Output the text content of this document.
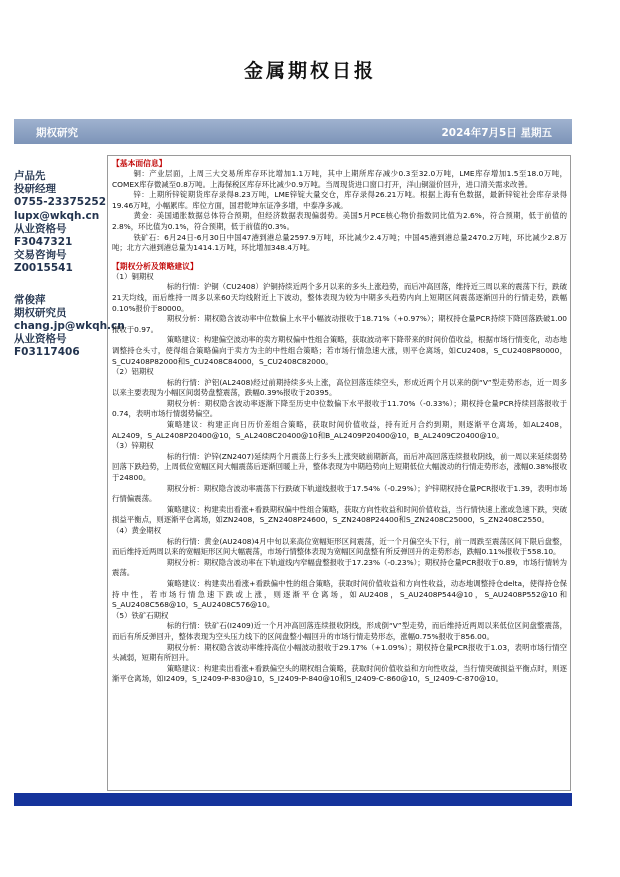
金属期权日报
期权研究	2024年7月5日 星期五
卢品先
投研经理
0755-23375252
lupx@wkqh.cn
从业资格号
F3047321
交易咨询号
Z0015541
常俊萍
期权研究员
chang.jp@wkqh.cn
从业资格号
F03117406
【基本面信息】
铜：产业层面，上周三大交易所库存环比增加1.1万吨，其中上期所库存减少0.3至32.0万吨，LME库存增加1.5至18.0万吨，COMEX库存微减至0.8万吨。上海保税区库存环比减少0.9万吨。当周现货进口窗口打开，洋山铜溢价回升，进口清关需求改善。
锌：上期所锌锭期货库存录得8.23万吨，LME锌锭大量交仓，库存录得26.21万吨。根据上海有色数据，最新锌锭社会库存录得19.46万吨，小幅累库。库位方面，国君乾坤东证净多增，中泰净多减。
黄金：美国通胀数据总体符合预期，但经济数据表现偏弱势。美国5月PCE核心物价指数同比值为2.6%，符合预期，低于前值的2.8%，环比值为0.1%，符合预期，低于前值的0.3%。
铁矿石：6月24日-6月30日中国47港到港总量2597.9万吨，环比减少2.4万吨；中国45港到港总量2470.2万吨，环比减少2.8万吨；北方六港到港总量为1414.1万吨，环比增加348.4万吨。
【期权分析及策略建议】
（1）铜期权
标的行情：沪铜（CU2408）沪铜持续近两个多月以来的多头上涨趋势，而后冲高回落，维持近三周以来的震荡下行，跌破21天均线，而后维持一周多以来60天均线附近上下波动，整体表现为较为中期多头趋势内向上短期区间震荡逐渐回升的行情走势，跌幅0.10%报价于80000。
期权分析：期权隐含波动率中位数偏上水平小幅波动报收于18.71%（+0.97%）；期权持仓量PCR持续下降回落跌破1.00报收于0.97。
策略建议：构建偏空波动率的卖方期权偏中性组合策略，获取波动率下降带来的时间价值收益，根据市场行情变化，动态地调整持仓头寸，使得组合策略偏向于卖方为主的中性组合策略；若市场行情急速大涨，则平仓离场，如CU2408，S_CU2408P80000，S_CU2408P82000和S_CU2408C84000，S_CU2408C82000。
（2）铝期权
标的行情：沪铝(AL2408)经过前期持续多头上涨，高位回落连续空头，形成近两个月以来的倒“V”型走势形态，近一周多以来主要表现为小幅区间弱势盘整震荡，跌幅0.39%报收于20395。
期权分析：期权隐含波动率逐渐下降至历史中位数偏下水平报收于11.70%（-0.33%）；期权持仓量PCR持续回落报收于0.74，表明市场行情弱势偏空。
策略建议：构建正向日历价差组合策略，获取时间价值收益，持有近月合约到期，则逐渐平仓离场，如AL2408，AL2409，S_AL2408P20400@10，S_AL2408C20400@10和B_AL2409P20400@10，B_AL2409C20400@10。
（3）锌期权
标的行情：沪锌(ZN2407)延续两个月震荡上行多头上涨突破前期新高，而后冲高回落连续报收阴线，前一周以来延续弱势回落下跌趋势，上周低位宽幅区间大幅震荡后逐渐回暖上升，整体表现为中期趋势向上短期低位大幅波动的行情走势形态，涨幅0.38%报收于24800。
期权分析：期权隐含波动率震荡下行跌破下轨道线报收于17.54%（-0.29%）；沪锌期权持仓量PCR报收于1.39，表明市场行情偏震荡。
策略建议：构建卖出看涨+看跌期权偏中性组合策略，获取方向性收益和时间价值收益，当行情快速上涨或急速下跌，突破损益平衡点，则逐渐平仓离场，如ZN2408，S_ZN2408P24600，S_ZN2408P24400和S_ZN2408C25000，S_ZN2408C2550。
（4）黄金期权
标的行情：黄金(AU2408)4月中旬以来高位宽幅矩形区间震荡，近一个月偏空头下行，前一周跌至震荡区间下限后盘整，而后维持近两周以来的宽幅矩形区间大幅震荡，市场行情整体表现为宽幅区间盘整有所反弹回升的走势形态，跌幅0.11%报收于558.10。
期权分析：期权隐含波动率在下轨道线内窄幅盘整报收于17.23%（-0.23%）；期权持仓量PCR报收于0.89，市场行情转为震荡。
策略建议：构建卖出看涨+看跌偏中性的组合策略，获取时间价值收益和方向性收益，动态地调整持仓delta，使得持仓保持中性，若市场行情急速下跌或上涨，则逐渐平仓离场，如AU2408，S_AU2408P544@10，S_AU2408P552@10和S_AU2408C568@10，S_AU2408C576@10。
（5）铁矿石期权
标的行情：铁矿石(I2409)近一个月冲高回落连续报收阴线，形成倒“V”型走势，而后维持近两周以来低位区间盘整震荡，而后有所反弹回升，整体表现为空头压力线下的区间盘整小幅回升的市场行情走势形态，涨幅0.75%报收于856.00。
期权分析：期权隐含波动率维持高位小幅波动报收于29.17%（+1.09%）；期权持仓量PCR报收于1.03，表明市场行情空头减弱，短期有所回升。
策略建议：构建卖出看涨+看跌偏空头的期权组合策略，获取时间价值收益和方向性收益，当行情突破损益平衡点时，则逐渐平仓离场，如I2409，S_I2409-P-830@10，S_I2409-P-840@10和S_I2409-C-860@10，S_I2409-C-870@10。
